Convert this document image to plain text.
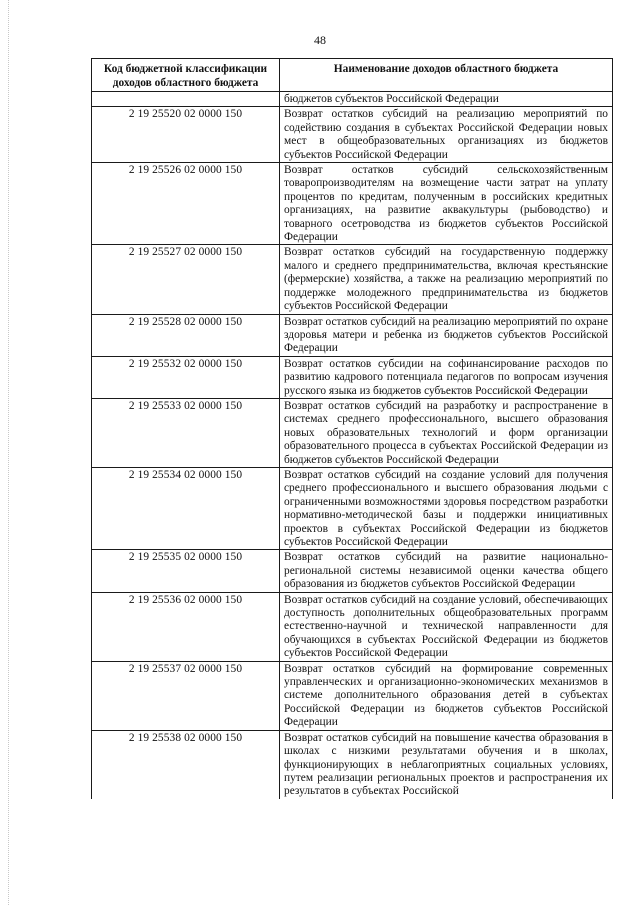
48
Код бюджетной классификации доходов областного бюджета	Наименование доходов областного бюджета
	бюджетов субъектов Российской Федерации
2 19 25520 02 0000 150	Возврат остатков субсидий на реализацию мероприятий по содействию создания в субъектах Российской Федерации новых мест в общеобразовательных организациях из бюджетов субъектов Российской Федерации
2 19 25526 02 0000 150	Возврат остатков субсидий сельскохозяйственным товаропроизводителям на возмещение части затрат на уплату процентов по кредитам, полученным в российских кредитных организациях, на развитие аквакультуры (рыбоводство) и товарного осетроводства из бюджетов субъектов Российской Федерации
2 19 25527 02 0000 150	Возврат остатков субсидий на государственную поддержку малого и среднего предпринимательства, включая крестьянские (фермерские) хозяйства, а также на реализацию мероприятий по поддержке молодежного предпринимательства из бюджетов субъектов Российской Федерации
2 19 25528 02 0000 150	Возврат остатков субсидий на реализацию мероприятий по охране здоровья матери и ребенка из бюджетов субъектов Российской Федерации
2 19 25532 02 0000 150	Возврат остатков субсидии на софинансирование расходов по развитию кадрового потенциала педагогов по вопросам изучения русского языка из бюджетов субъектов Российской Федерации
2 19 25533 02 0000 150	Возврат остатков субсидий на разработку и распространение в системах среднего профессионального, высшего образования новых образовательных технологий и форм организации образовательного процесса в субъектах Российской Федерации из бюджетов субъектов Российской Федерации
2 19 25534 02 0000 150	Возврат остатков субсидий на создание условий для получения среднего профессионального и высшего образования людьми с ограниченными возможностями здоровья посредством разработки нормативно-методической базы и поддержки инициативных проектов в субъектах Российской Федерации из бюджетов субъектов Российской Федерации
2 19 25535 02 0000 150	Возврат остатков субсидий на развитие национально-региональной системы независимой оценки качества общего образования из бюджетов субъектов Российской Федерации
2 19 25536 02 0000 150	Возврат остатков субсидий на создание условий, обеспечивающих доступность дополнительных общеобразовательных программ естественно-научной и технической направленности для обучающихся в субъектах Российской Федерации из бюджетов субъектов Российской Федерации
2 19 25537 02 0000 150	Возврат остатков субсидий на формирование современных управленческих и организационно-экономических механизмов в системе дополнительного образования детей в субъектах Российской Федерации из бюджетов субъектов Российской Федерации
2 19 25538 02 0000 150	Возврат остатков субсидий на повышение качества образования в школах с низкими результатами обучения и в школах, функционирующих в неблагоприятных социальных условиях, путем реализации региональных проектов и распространения их результатов в субъектах Российской
